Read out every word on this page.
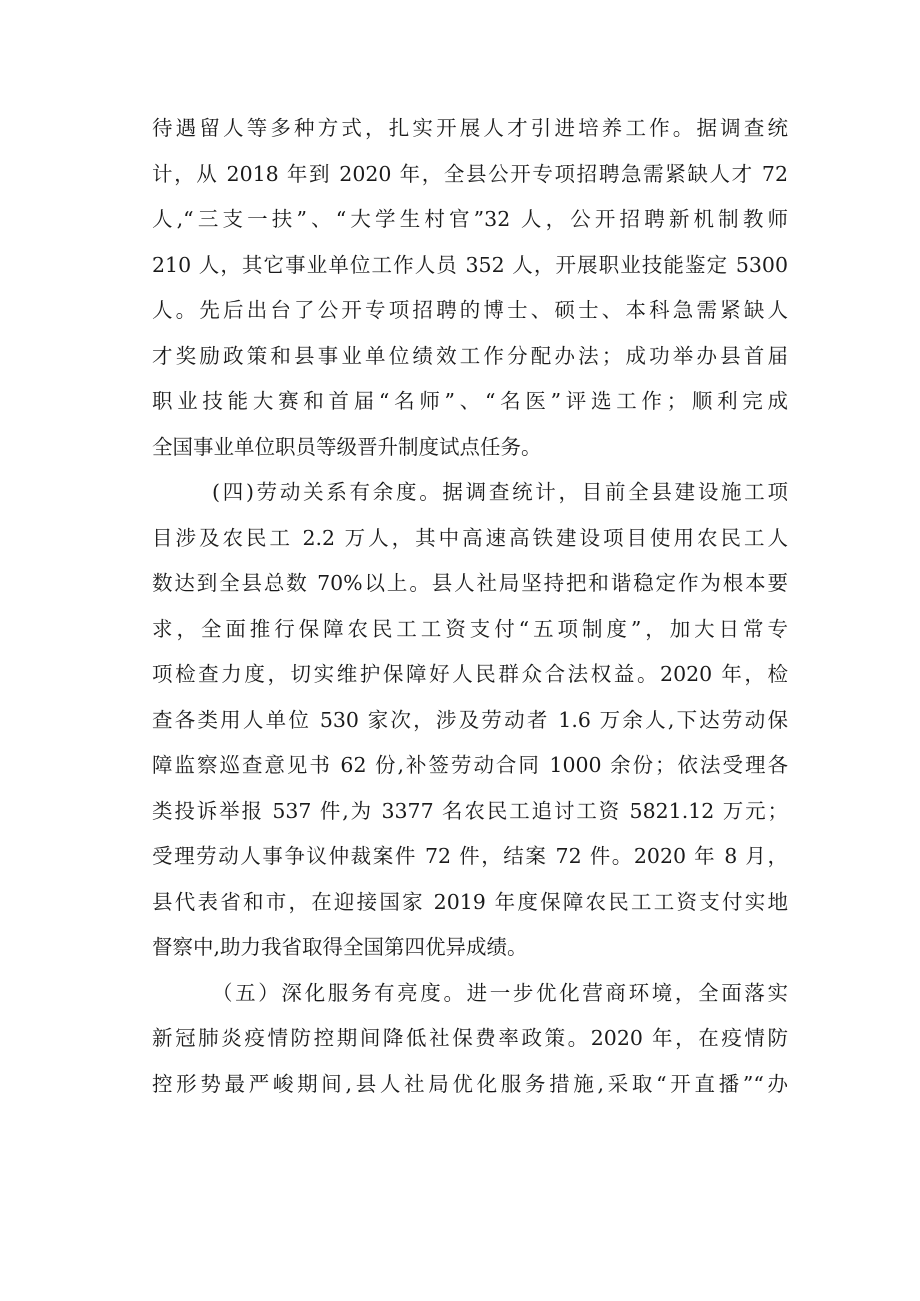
待遇留人等多种方式，扎实开展人才引进培养工作。据调查统
计，从 2018 年到 2020 年，全县公开专项招聘急需紧缺人才 72
人,“三支一扶”、“大学生村官”32 人，公开招聘新机制教师
210 人，其它事业单位工作人员 352 人，开展职业技能鉴定 5300
人。先后出台了公开专项招聘的博士、硕士、本科急需紧缺人
才奖励政策和县事业单位绩效工作分配办法；成功举办县首届
职业技能大赛和首届“名师”、“名医”评选工作；顺利完成
全国事业单位职员等级晋升制度试点任务。
(四)劳动关系有余度。据调查统计，目前全县建设施工项
目涉及农民工 2.2 万人，其中高速高铁建设项目使用农民工人
数达到全县总数 70%以上。县人社局坚持把和谐稳定作为根本要
求，全面推行保障农民工工资支付“五项制度”，加大日常专
项检查力度，切实维护保障好人民群众合法权益。2020 年，检
查各类用人单位 530 家次，涉及劳动者 1.6 万余人,下达劳动保
障监察巡查意见书 62 份,补签劳动合同 1000 余份；依法受理各
类投诉举报 537 件,为 3377 名农民工追讨工资 5821.12 万元；
受理劳动人事争议仲裁案件 72 件，结案 72 件。2020 年 8 月，
县代表省和市，在迎接国家 2019 年度保障农民工工资支付实地
督察中,助力我省取得全国第四优异成绩。
（五）深化服务有亮度。进一步优化营商环境，全面落实
新冠肺炎疫情防控期间降低社保费率政策。2020 年，在疫情防
控形势最严峻期间,县人社局优化服务措施,采取“开直播”“办
